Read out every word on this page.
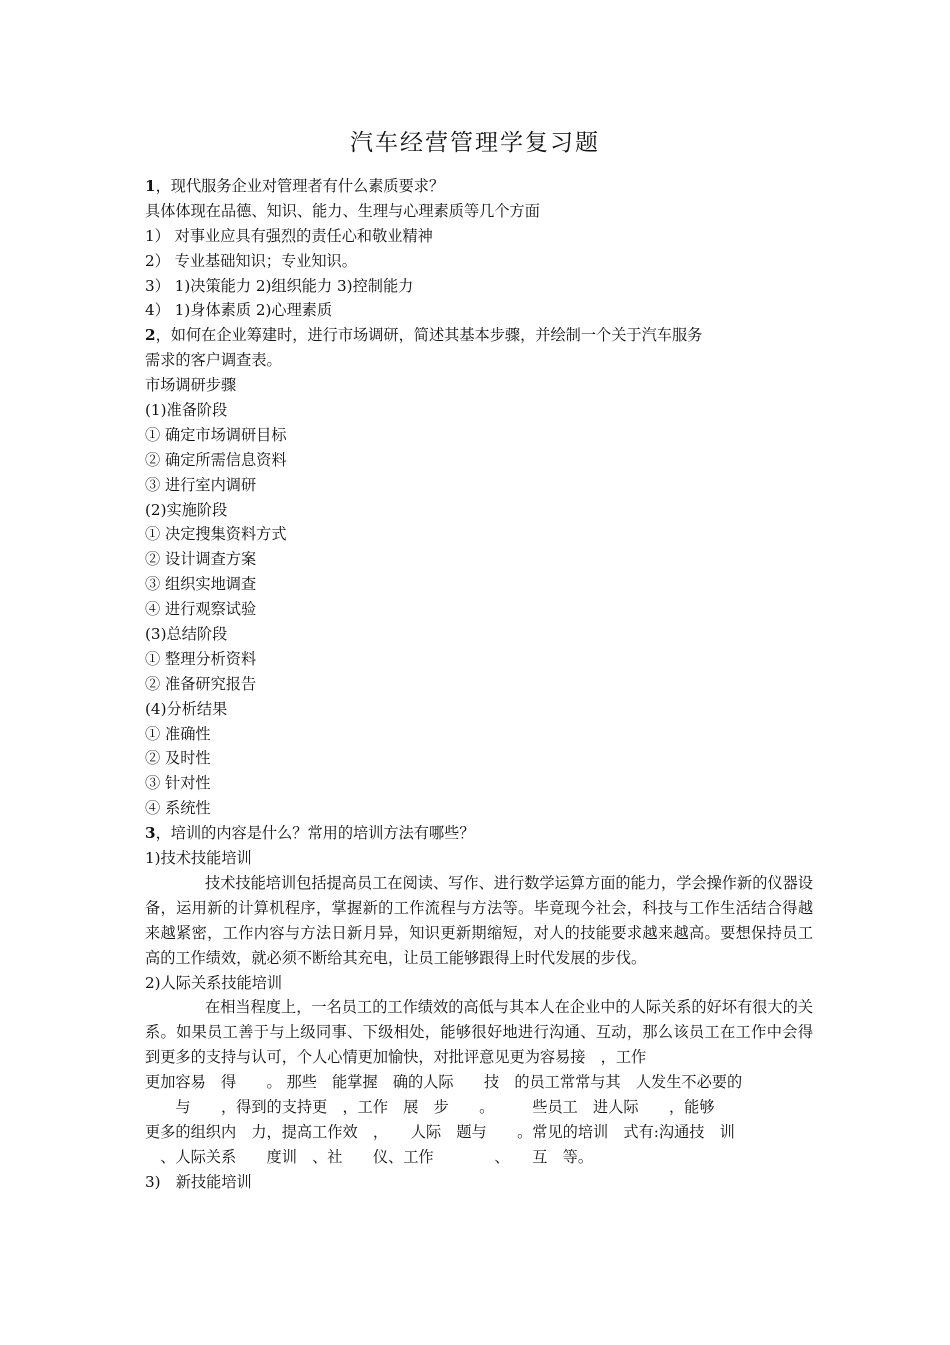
汽车经营管理学复习题
1，现代服务企业对管理者有什么素质要求？
具体体现在品德、知识、能力、生理与心理素质等几个方面
1） 对事业应具有强烈的责任心和敬业精神
2） 专业基础知识；专业知识。
3） 1)决策能力 2)组织能力 3)控制能力
4） 1)身体素质 2)心理素质
2，如何在企业筹建时，进行市场调研，简述其基本步骤，并绘制一个关于汽车服务
需求的客户调查表。
市场调研步骤
(1)准备阶段
① 确定市场调研目标
② 确定所需信息资料
③ 进行室内调研
(2)实施阶段
① 决定搜集资料方式
② 设计调查方案
③ 组织实地调查
④ 进行观察试验
(3)总结阶段
① 整理分析资料
② 准备研究报告
(4)分析结果
① 准确性
② 及时性
③ 针对性
④ 系统性
3，培训的内容是什么？常用的培训方法有哪些？
1)技术技能培训

技术技能培训包括提高员工在阅读、写作、进行数学运算方面的能力，学会操作新的仪器设备，运用新的计算机程序，掌握新的工作流程与方法等。毕竟现今社会，科技与工作生活结合得越来越紧密，工作内容与方法日新月异，知识更新期缩短，对人的技能要求越来越高。要想保持员工高的工作绩效，就必须不断给其充电，让员工能够跟得上时代发展的步伐。

2)人际关系技能培训

在相当程度上，一名员工的工作绩效的高低与其本人在企业中的人际关系的好坏有很大的关系。如果员工善于与上级同事、下级相处，能够很好地进行沟通、互动，那么该员工在工作中会得到更多的支持与认可，个人心情更加愉快，对批评意见更为容易接　，工作

更加容易　得　　。 那些　能掌握　确的人际　　技　的员工常常与其　人发生不必要的
　　与　　，得到的支持更　，工作　展　步　　。　　　些员工　进人际　　，能够
更多的组织内　力，提高工作效　，　　人际　题与　　。常见的培训　式有:沟通技　训
　、人际关系　　度训　、社　　仪、工作　　　　、　　互　等。
3)　新技能培训
